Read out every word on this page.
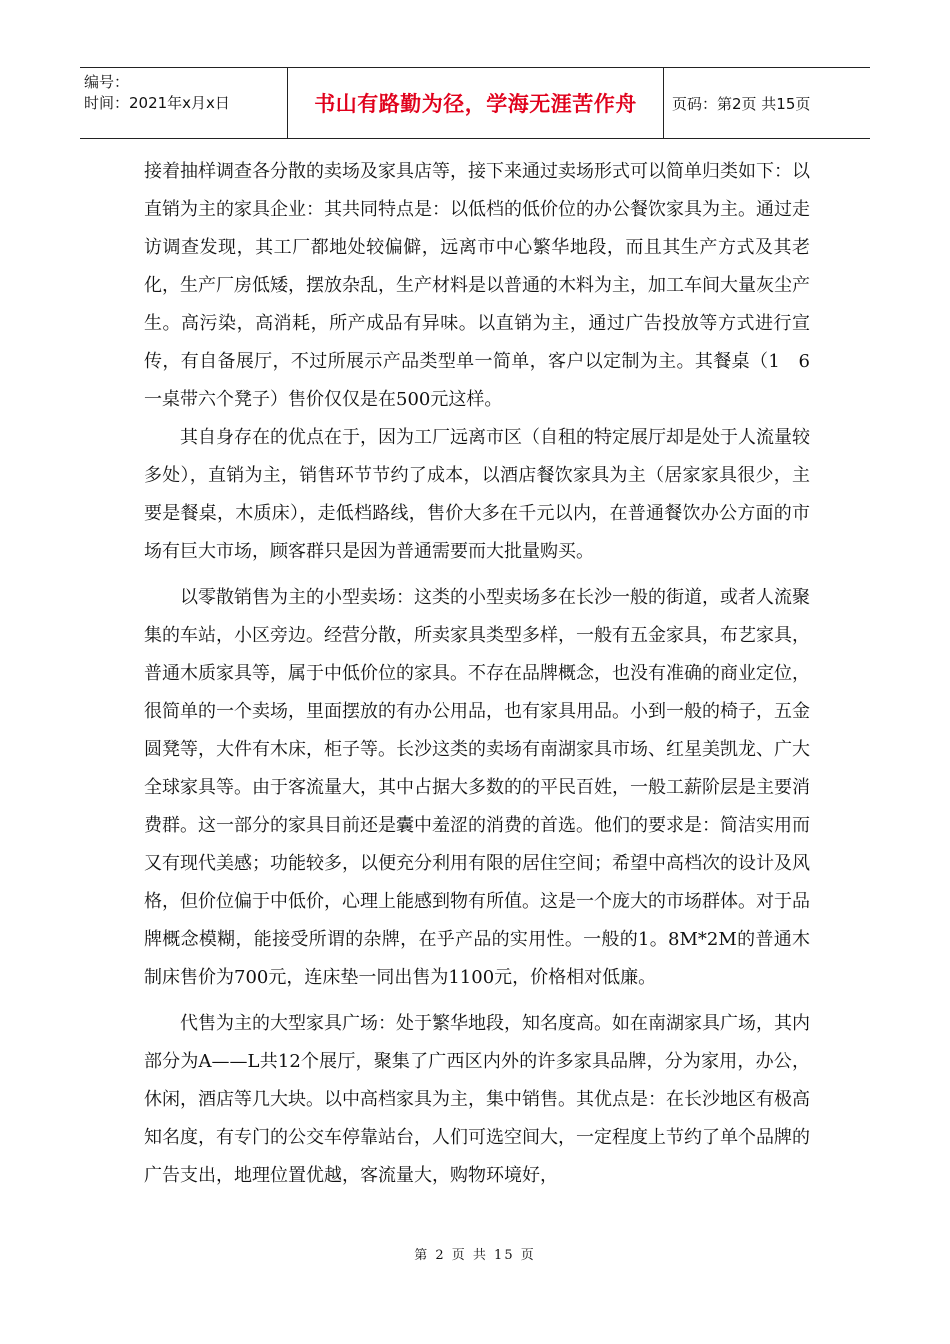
编号：
时间：2021年x月x日	书山有路勤为径，学海无涯苦作舟	页码：第2页 共15页

接着抽样调查各分散的卖场及家具店等，接下来通过卖场形式可以简单归类如下：以直销为主的家具企业：其共同特点是：以低档的低价位的办公餐饮家具为主。通过走访调查发现，其工厂都地处较偏僻，远离市中心繁华地段，而且其生产方式及其老化，生产厂房低矮，摆放杂乱，生产材料是以普通的木料为主，加工车间大量灰尘产生。高污染，高消耗，所产成品有异味。以直销为主，通过广告投放等方式进行宣传，有自备展厅，不过所展示产品类型单一简单，客户以定制为主。其餐桌（1　6一桌带六个凳子）售价仅仅是在500元这样。

其自身存在的优点在于，因为工厂远离市区（自租的特定展厅却是处于人流量较多处），直销为主，销售环节节约了成本，以酒店餐饮家具为主（居家家具很少，主要是餐桌，木质床），走低档路线，售价大多在千元以内，在普通餐饮办公方面的市场有巨大市场，顾客群只是因为普通需要而大批量购买。

以零散销售为主的小型卖场：这类的小型卖场多在长沙一般的街道，或者人流聚集的车站，小区旁边。经营分散，所卖家具类型多样，一般有五金家具，布艺家具，普通木质家具等，属于中低价位的家具。不存在品牌概念，也没有准确的商业定位，很简单的一个卖场，里面摆放的有办公用品，也有家具用品。小到一般的椅子，五金圆凳等，大件有木床，柜子等。长沙这类的卖场有南湖家具市场、红星美凯龙、广大全球家具等。由于客流量大，其中占据大多数的的平民百姓，一般工薪阶层是主要消费群。这一部分的家具目前还是囊中羞涩的消费的首选。他们的要求是：简洁实用而又有现代美感；功能较多，以便充分利用有限的居住空间；希望中高档次的设计及风格，但价位偏于中低价，心理上能感到物有所值。这是一个庞大的市场群体。对于品牌概念模糊，能接受所谓的杂牌，在乎产品的实用性。一般的1。8M*2M的普通木制床售价为700元，连床垫一同出售为1100元，价格相对低廉。

代售为主的大型家具广场：处于繁华地段，知名度高。如在南湖家具广场，其内部分为A——L共12个展厅，聚集了广西区内外的许多家具品牌，分为家用，办公，休闲，酒店等几大块。以中高档家具为主，集中销售。其优点是：在长沙地区有极高知名度，有专门的公交车停靠站台，人们可选空间大，一定程度上节约了单个品牌的广告支出，地理位置优越，客流量大，购物环境好，

第 2 页 共 15 页
